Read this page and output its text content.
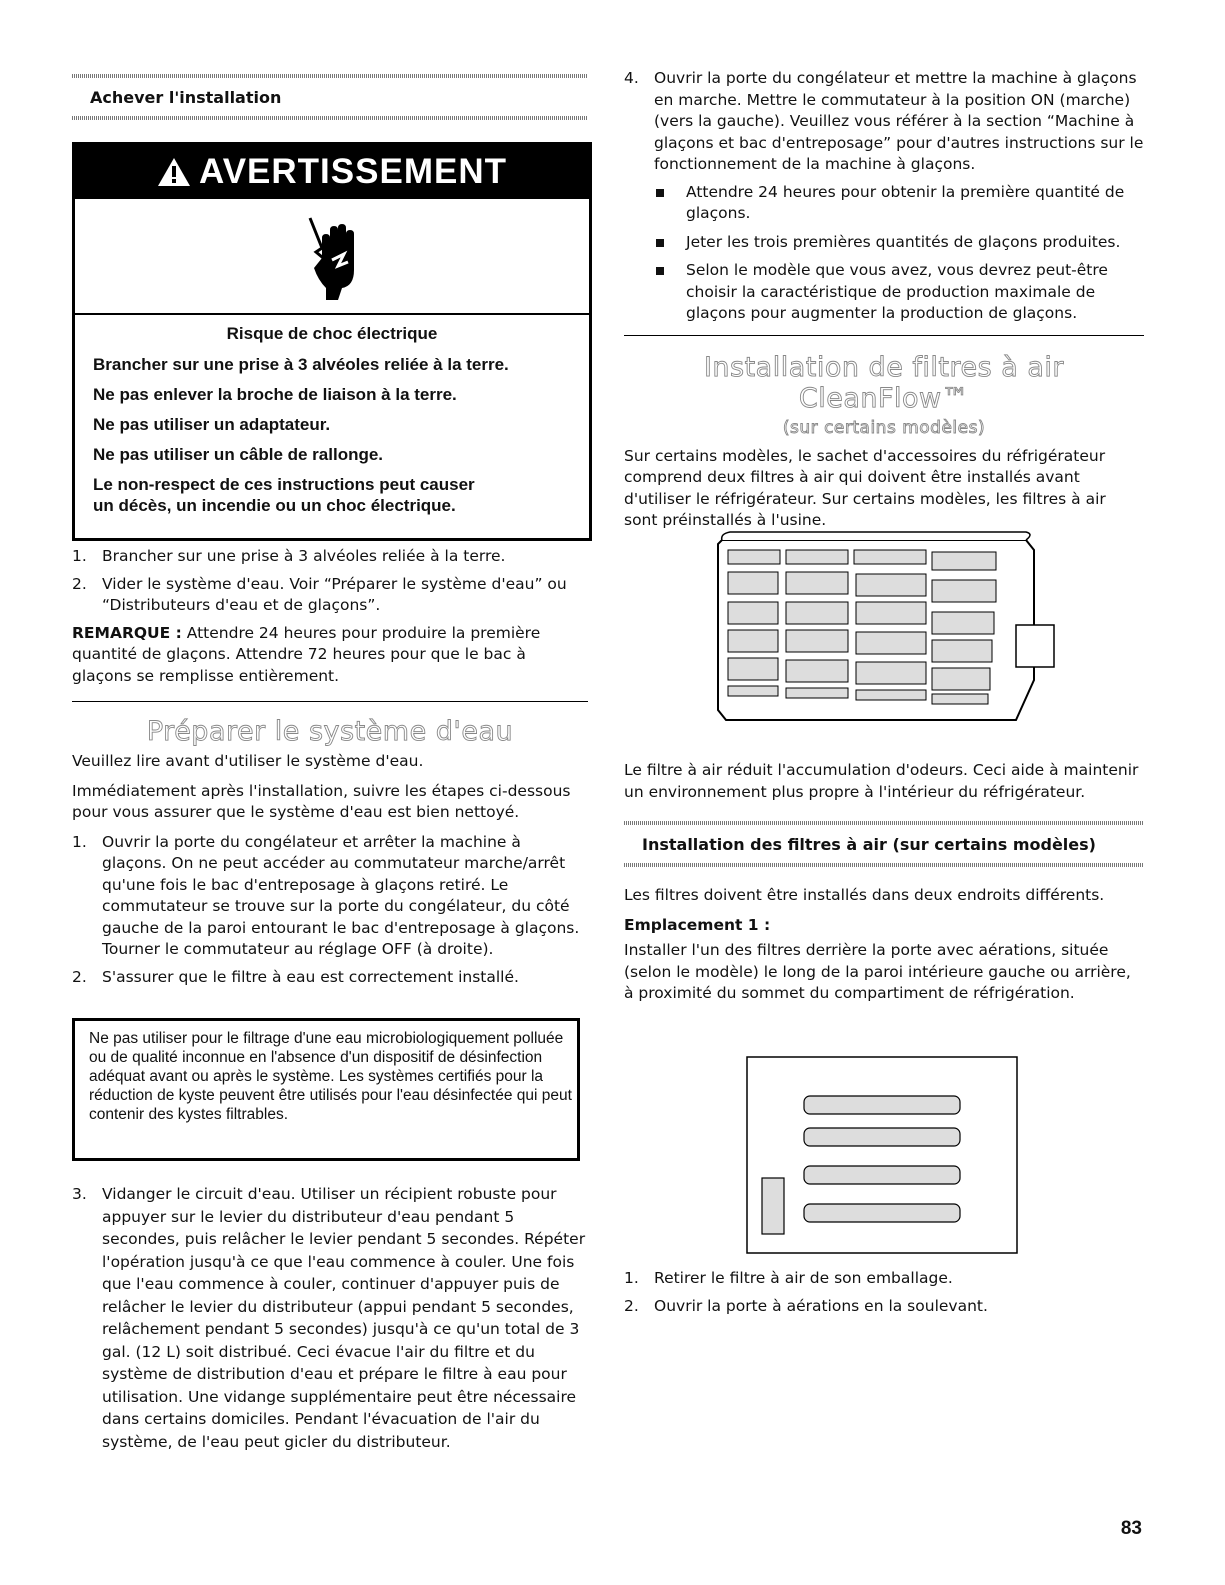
Achever l'installation
AVERTISSEMENT
Risque de choc électrique
Brancher sur une prise à 3 alvéoles reliée à la terre.
Ne pas enlever la broche de liaison à la terre.
Ne pas utiliser un adaptateur.
Ne pas utiliser un câble de rallonge.
Le non-respect de ces instructions peut causer
un décès, un incendie ou un choc électrique.
1. Brancher sur une prise à 3 alvéoles reliée à la terre.
2. Vider le système d'eau. Voir “Préparer le système d'eau” ou “Distributeurs d'eau et de glaçons”.

REMARQUE : Attendre 24 heures pour produire la première quantité de glaçons. Attendre 72 heures pour que le bac à glaçons se remplisse entièrement.

Préparer le système d'eau

Veuillez lire avant d'utiliser le système d'eau.

Immédiatement après l'installation, suivre les étapes ci-dessous pour vous assurer que le système d'eau est bien nettoyé.

1. Ouvrir la porte du congélateur et arrêter la machine à glaçons. On ne peut accéder au commutateur marche/arrêt qu'une fois le bac d'entreposage à glaçons retiré. Le commutateur se trouve sur la porte du congélateur, du côté gauche de la paroi entourant le bac d'entreposage à glaçons. Tourner le commutateur au réglage OFF (à droite).
2. S'assurer que le filtre à eau est correctement installé.
Ne pas utiliser pour le filtrage d'une eau microbiologiquement polluée ou de qualité inconnue en l'absence d'un dispositif de désinfection adéquat avant ou après le système. Les systèmes certifiés pour la réduction de kyste peuvent être utilisés pour l'eau désinfectée qui peut contenir des kystes filtrables.
3. Vidanger le circuit d'eau. Utiliser un récipient robuste pour appuyer sur le levier du distributeur d'eau pendant 5 secondes, puis relâcher le levier pendant 5 secondes. Répéter l'opération jusqu'à ce que l'eau commence à couler. Une fois que l'eau commence à couler, continuer d'appuyer puis de relâcher le levier du distributeur (appui pendant 5 secondes, relâchement pendant 5 secondes) jusqu'à ce qu'un total de 3 gal. (12 L) soit distribué. Ceci évacue l'air du filtre et du système de distribution d'eau et prépare le filtre à eau pour utilisation. Une vidange supplémentaire peut être nécessaire dans certains domiciles. Pendant l'évacuation de l'air du système, de l'eau peut gicler du distributeur.
4. Ouvrir la porte du congélateur et mettre la machine à glaçons en marche. Mettre le commutateur à la position ON (marche) (vers la gauche). Veuillez vous référer à la section “Machine à glaçons et bac d'entreposage” pour d'autres instructions sur le fonctionnement de la machine à glaçons.
Attendre 24 heures pour obtenir la première quantité de glaçons.
Jeter les trois premières quantités de glaçons produites.
Selon le modèle que vous avez, vous devrez peut-être choisir la caractéristique de production maximale de glaçons pour augmenter la production de glaçons.
Installation de filtres à air CleanFlow™
(sur certains modèles)

Sur certains modèles, le sachet d'accessoires du réfrigérateur comprend deux filtres à air qui doivent être installés avant d'utiliser le réfrigérateur. Sur certains modèles, les filtres à air sont préinstallés à l'usine.

Le filtre à air réduit l'accumulation d'odeurs. Ceci aide à maintenir un environnement plus propre à l'intérieur du réfrigérateur.

Installation des filtres à air (sur certains modèles)

Les filtres doivent être installés dans deux endroits différents.

Emplacement 1 :

Installer l'un des filtres derrière la porte avec aérations, située (selon le modèle) le long de la paroi intérieure gauche ou arrière, à proximité du sommet du compartiment de réfrigération.

1. Retirer le filtre à air de son emballage.
2. Ouvrir la porte à aérations en la soulevant.
83
